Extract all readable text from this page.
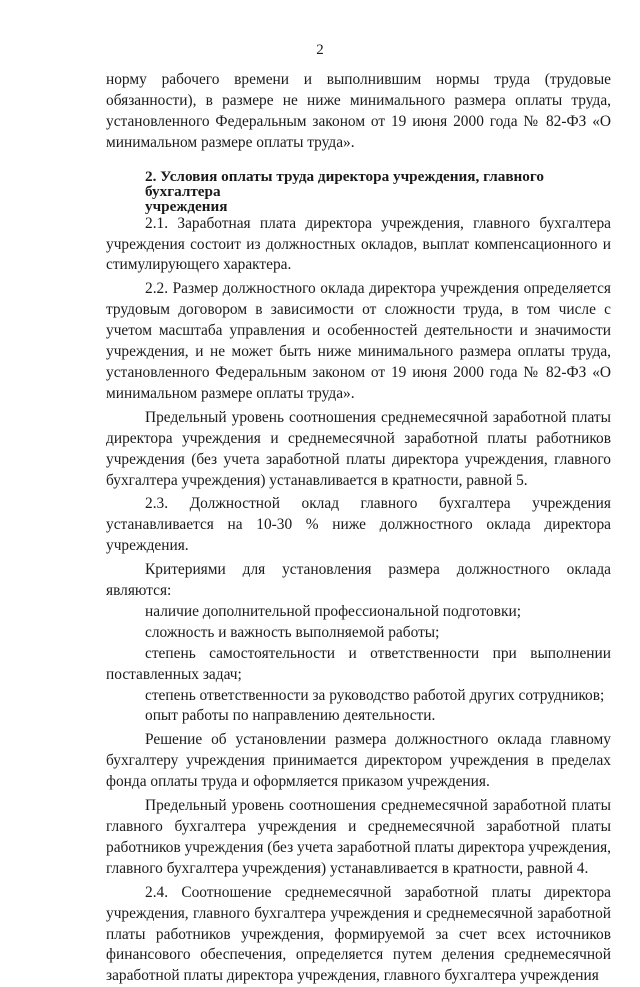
2

норму рабочего времени и выполнившим нормы труда (трудовые обязанности), в размере не ниже минимального размера оплаты труда, установленного Федеральным законом от 19 июня 2000 года № 82-ФЗ «О минимальном размере оплаты труда».

2. Условия оплаты труда директора учреждения, главного бухгалтера
учреждения

2.1. Заработная плата директора учреждения, главного бухгалтера учреждения состоит из должностных окладов, выплат компенсационного и стимулирующего характера.

2.2. Размер должностного оклада директора учреждения определяется трудовым договором в зависимости от сложности труда, в том числе с учетом масштаба управления и особенностей деятельности и значимости учреждения, и не может быть ниже минимального размера оплаты труда, установленного Федеральным законом от 19 июня 2000 года № 82-ФЗ «О минимальном размере оплаты труда».

Предельный уровень соотношения среднемесячной заработной платы директора учреждения и среднемесячной заработной платы работников учреждения (без учета заработной платы директора учреждения, главного бухгалтера учреждения) устанавливается в кратности, равной 5.

2.3. Должностной оклад главного бухгалтера учреждения устанавливается на 10-30 % ниже должностного оклада директора учреждения.

Критериями для установления размера должностного оклада являются:

наличие дополнительной профессиональной подготовки;

сложность и важность выполняемой работы;

степень самостоятельности и ответственности при выполнении поставленных задач;

степень ответственности за руководство работой других сотрудников;

опыт работы по направлению деятельности.

Решение об установлении размера должностного оклада главному бухгалтеру учреждения принимается директором учреждения в пределах фонда оплаты труда и оформляется приказом учреждения.

Предельный уровень соотношения среднемесячной заработной платы главного бухгалтера учреждения и среднемесячной заработной платы работников учреждения (без учета заработной платы директора учреждения, главного бухгалтера учреждения) устанавливается в кратности, равной 4.

2.4. Соотношение среднемесячной заработной платы директора учреждения, главного бухгалтера учреждения и среднемесячной заработной платы работников учреждения, формируемой за счет всех источников финансового обеспечения, определяется путем деления среднемесячной заработной платы директора учреждения, главного бухгалтера учреждения
